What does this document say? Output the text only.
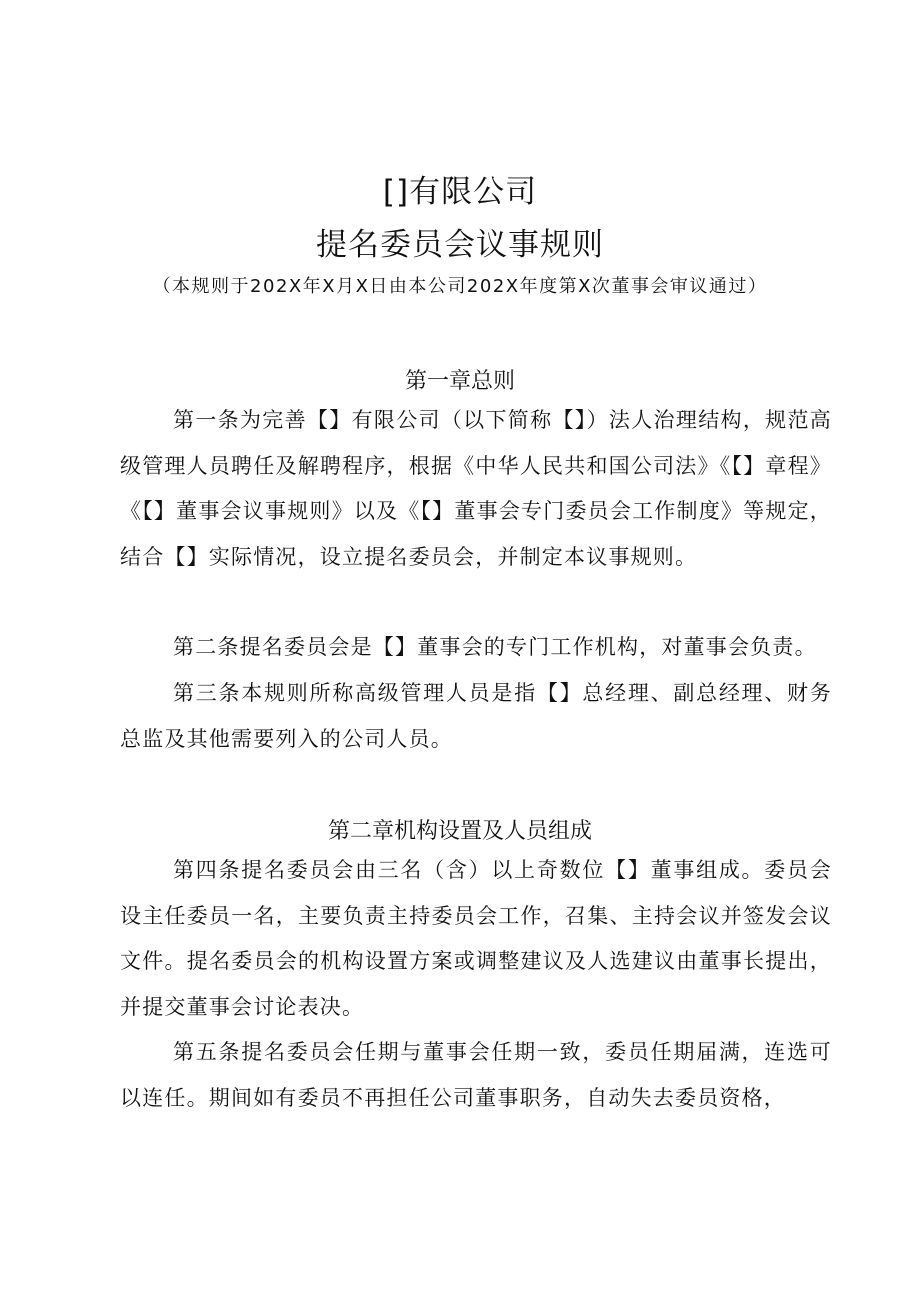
[]有限公司
提名委员会议事规则
（本规则于202X年X月X日由本公司202X年度第X次董事会审议通过）
第一章总则
第一条为完善【】有限公司（以下简称【】）法人治理结构，规范高级管理人员聘任及解聘程序，根据《中华人民共和国公司法》《【】章程》《【】董事会议事规则》以及《【】董事会专门委员会工作制度》等规定，结合【】实际情况，设立提名委员会，并制定本议事规则。
第二条提名委员会是【】董事会的专门工作机构，对董事会负责。
第三条本规则所称高级管理人员是指【】总经理、副总经理、财务总监及其他需要列入的公司人员。
第二章机构设置及人员组成
第四条提名委员会由三名（含）以上奇数位【】董事组成。委员会设主任委员一名，主要负责主持委员会工作，召集、主持会议并签发会议文件。提名委员会的机构设置方案或调整建议及人选建议由董事长提出，并提交董事会讨论表决。
第五条提名委员会任期与董事会任期一致，委员任期届满，连选可以连任。期间如有委员不再担任公司董事职务，自动失去委员资格，
